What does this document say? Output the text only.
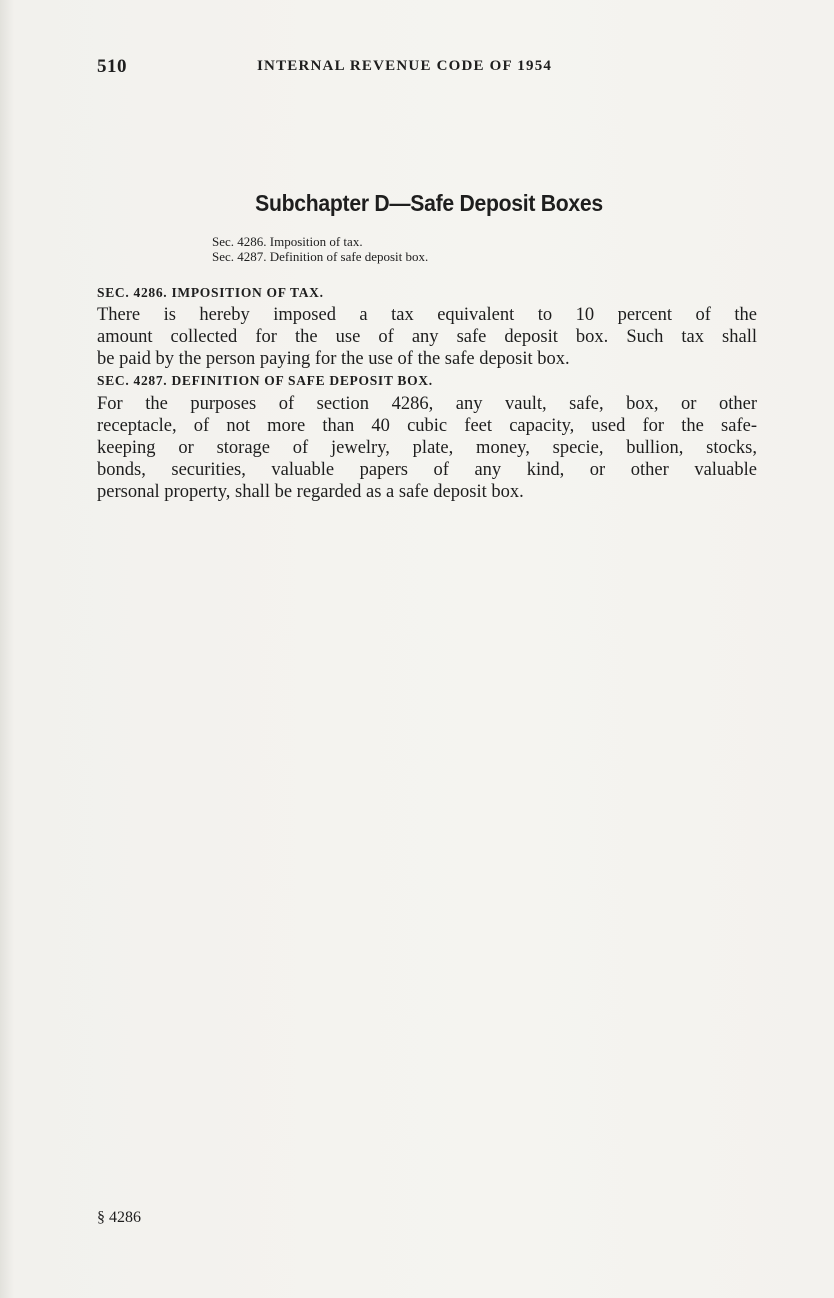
510	INTERNAL REVENUE CODE OF 1954
Subchapter D—Safe Deposit Boxes
Sec. 4286. Imposition of tax.
Sec. 4287. Definition of safe deposit box.
SEC. 4286. IMPOSITION OF TAX.
There is hereby imposed a tax equivalent to 10 percent of the
amount collected for the use of any safe deposit box. Such tax shall
be paid by the person paying for the use of the safe deposit box.
SEC. 4287. DEFINITION OF SAFE DEPOSIT BOX.
For the purposes of section 4286, any vault, safe, box, or other
receptacle, of not more than 40 cubic feet capacity, used for the safe-
keeping or storage of jewelry, plate, money, specie, bullion, stocks,
bonds, securities, valuable papers of any kind, or other valuable
personal property, shall be regarded as a safe deposit box.
§ 4286
